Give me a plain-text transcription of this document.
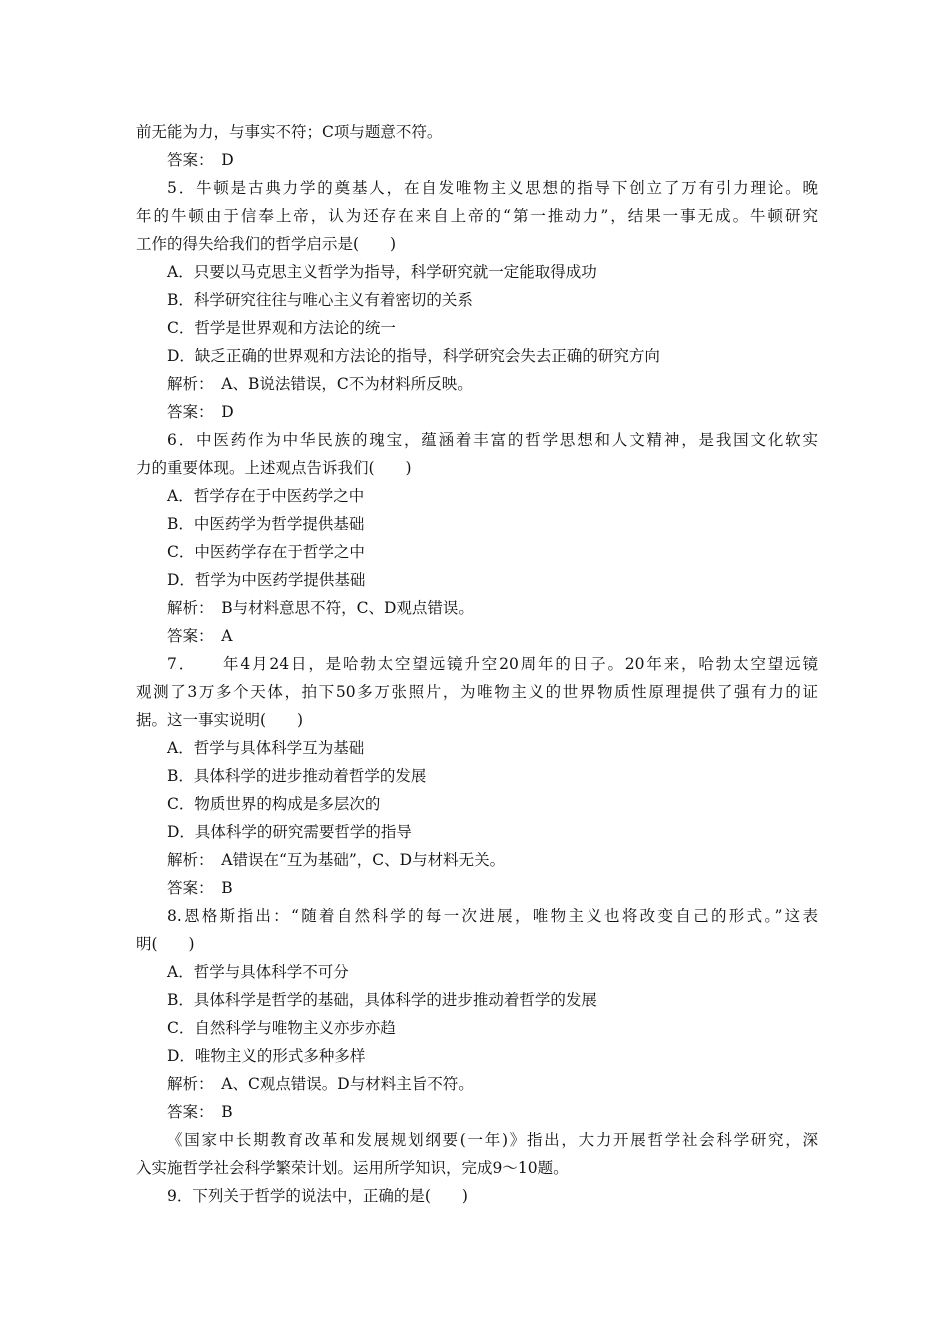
前无能为力，与事实不符；C项与题意不符。
答案：　D
5．牛顿是古典力学的奠基人，在自发唯物主义思想的指导下创立了万有引力理论。晚
年的牛顿由于信奉上帝，认为还存在来自上帝的“第一推动力”，结果一事无成。牛顿研究
工作的得失给我们的哲学启示是(　　)
A．只要以马克思主义哲学为指导，科学研究就一定能取得成功
B．科学研究往往与唯心主义有着密切的关系
C．哲学是世界观和方法论的统一
D．缺乏正确的世界观和方法论的指导，科学研究会失去正确的研究方向
解析：　A、B说法错误，C不为材料所反映。
答案：　D
6．中医药作为中华民族的瑰宝，蕴涵着丰富的哲学思想和人文精神，是我国文化软实
力的重要体现。上述观点告诉我们(　　)
A．哲学存在于中医药学之中
B．中医药学为哲学提供基础
C．中医药学存在于哲学之中
D．哲学为中医药学提供基础
解析：　B与材料意思不符，C、D观点错误。
答案：　A
7．　　年4月24日，是哈勃太空望远镜升空20周年的日子。20年来，哈勃太空望远镜
观测了3万多个天体，拍下50多万张照片，为唯物主义的世界物质性原理提供了强有力的证
据。这一事实说明(　　)
A．哲学与具体科学互为基础
B．具体科学的进步推动着哲学的发展
C．物质世界的构成是多层次的
D．具体科学的研究需要哲学的指导
解析：　A错误在“互为基础”，C、D与材料无关。
答案：　B
8.恩格斯指出：“随着自然科学的每一次进展，唯物主义也将改变自己的形式。”这表
明(　　)
A．哲学与具体科学不可分
B．具体科学是哲学的基础，具体科学的进步推动着哲学的发展
C．自然科学与唯物主义亦步亦趋
D．唯物主义的形式多种多样
解析：　A、C观点错误。D与材料主旨不符。
答案：　B
《国家中长期教育改革和发展规划纲要(一年)》指出，大力开展哲学社会科学研究，深
入实施哲学社会科学繁荣计划。运用所学知识，完成9～10题。
9．下列关于哲学的说法中，正确的是(　　)
